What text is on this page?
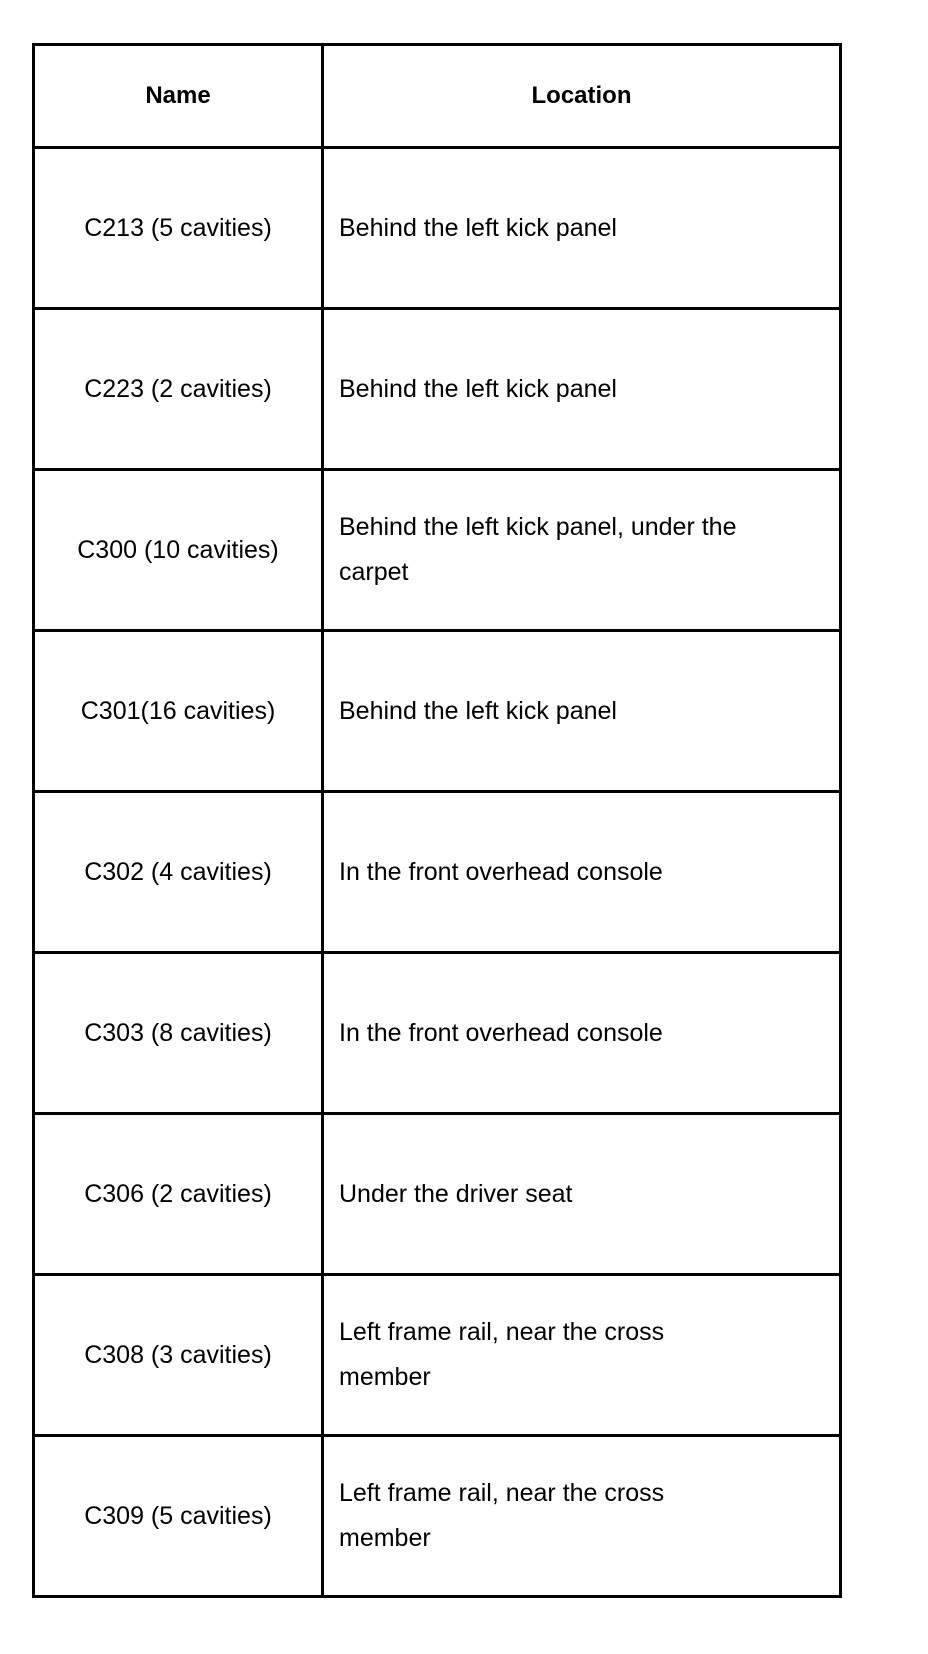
Name	Location
C213 (5 cavities)	Behind the left kick panel
C223 (2 cavities)	Behind the left kick panel
C300 (10 cavities)	Behind the left kick panel, under the carpet
C301(16 cavities)	Behind the left kick panel
C302 (4 cavities)	In the front overhead console
C303 (8 cavities)	In the front overhead console
C306 (2 cavities)	Under the driver seat
C308 (3 cavities)	Left frame rail, near the cross member
C309 (5 cavities)	Left frame rail, near the cross member
